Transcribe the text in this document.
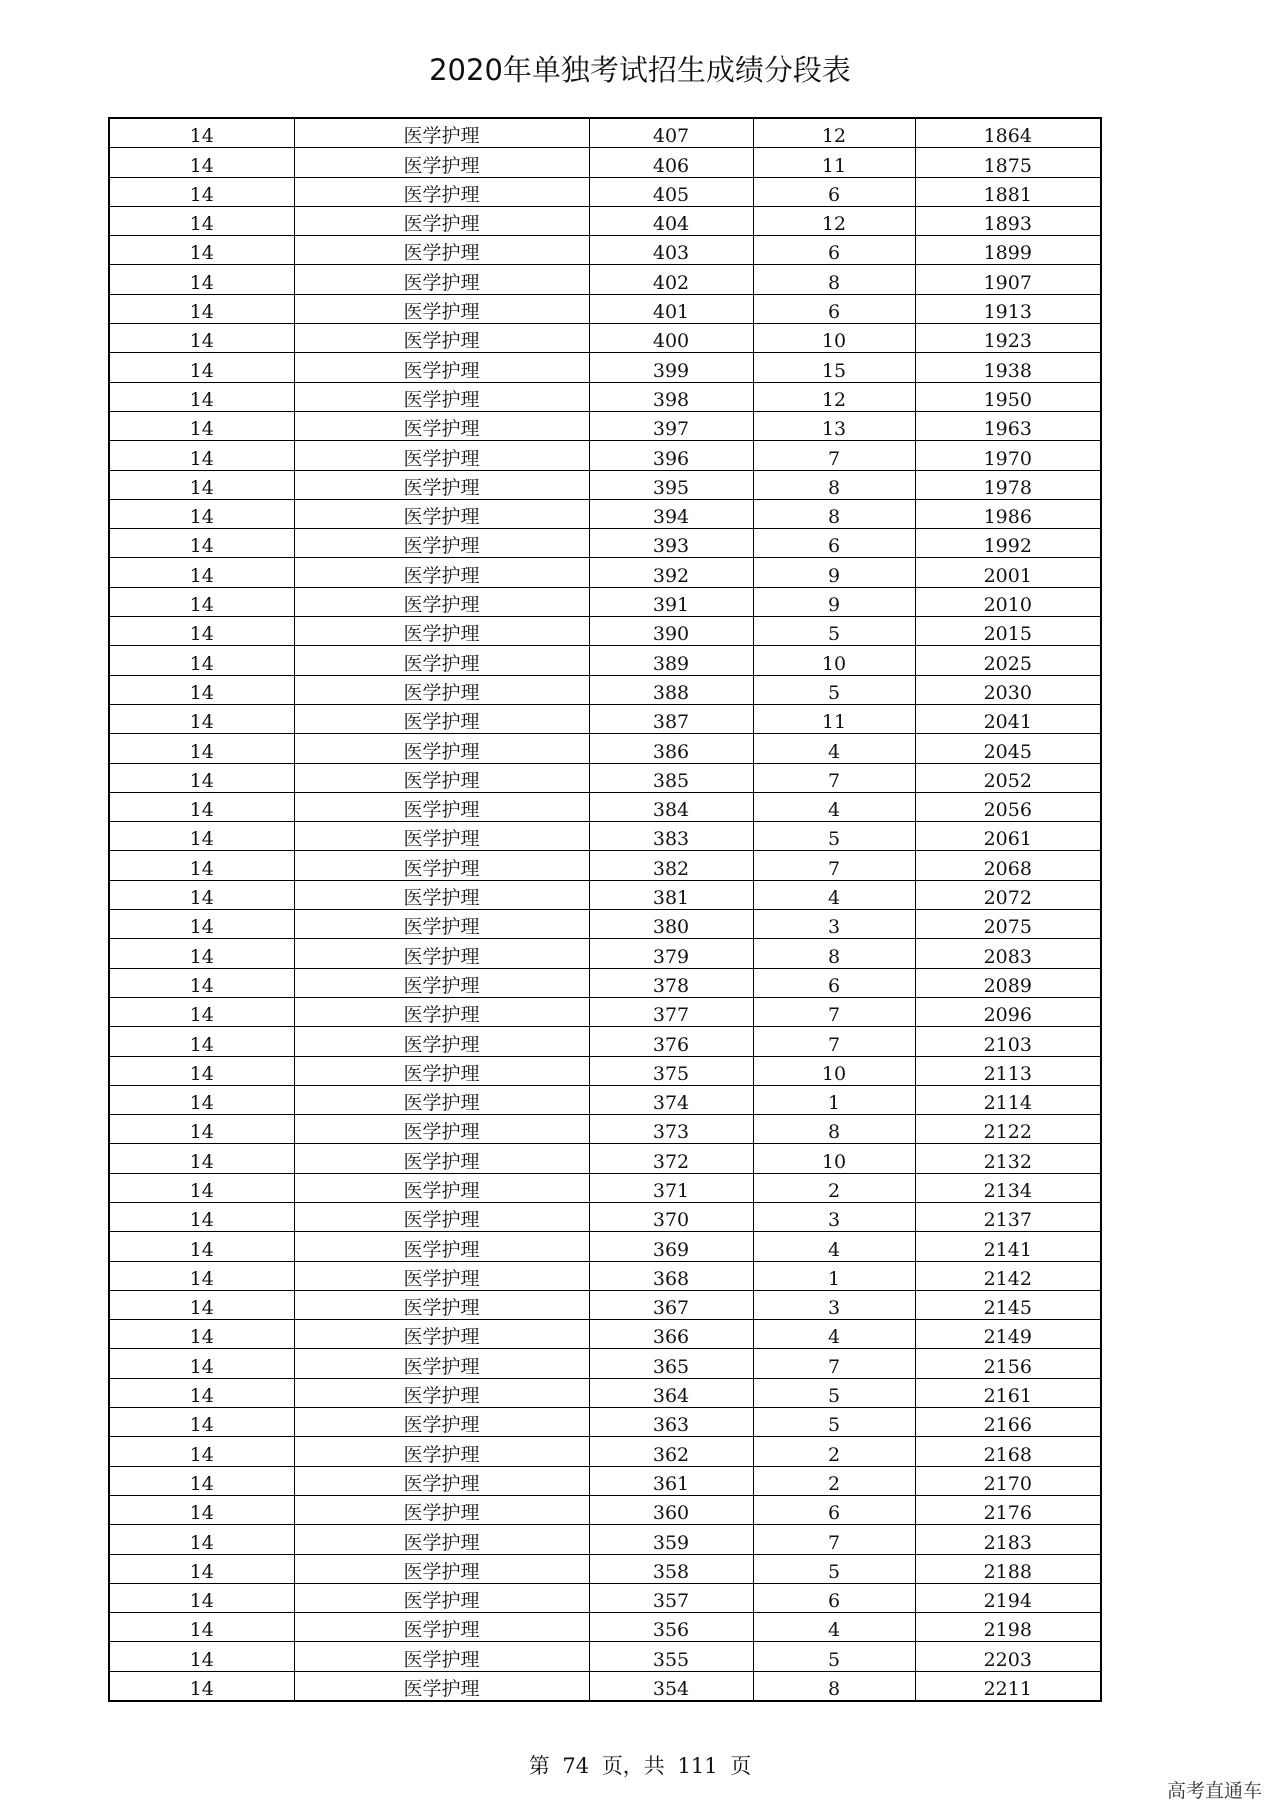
2020年单独考试招生成绩分段表
14	医学护理	407	12	1864
14	医学护理	406	11	1875
14	医学护理	405	6	1881
14	医学护理	404	12	1893
14	医学护理	403	6	1899
14	医学护理	402	8	1907
14	医学护理	401	6	1913
14	医学护理	400	10	1923
14	医学护理	399	15	1938
14	医学护理	398	12	1950
14	医学护理	397	13	1963
14	医学护理	396	7	1970
14	医学护理	395	8	1978
14	医学护理	394	8	1986
14	医学护理	393	6	1992
14	医学护理	392	9	2001
14	医学护理	391	9	2010
14	医学护理	390	5	2015
14	医学护理	389	10	2025
14	医学护理	388	5	2030
14	医学护理	387	11	2041
14	医学护理	386	4	2045
14	医学护理	385	7	2052
14	医学护理	384	4	2056
14	医学护理	383	5	2061
14	医学护理	382	7	2068
14	医学护理	381	4	2072
14	医学护理	380	3	2075
14	医学护理	379	8	2083
14	医学护理	378	6	2089
14	医学护理	377	7	2096
14	医学护理	376	7	2103
14	医学护理	375	10	2113
14	医学护理	374	1	2114
14	医学护理	373	8	2122
14	医学护理	372	10	2132
14	医学护理	371	2	2134
14	医学护理	370	3	2137
14	医学护理	369	4	2141
14	医学护理	368	1	2142
14	医学护理	367	3	2145
14	医学护理	366	4	2149
14	医学护理	365	7	2156
14	医学护理	364	5	2161
14	医学护理	363	5	2166
14	医学护理	362	2	2168
14	医学护理	361	2	2170
14	医学护理	360	6	2176
14	医学护理	359	7	2183
14	医学护理	358	5	2188
14	医学护理	357	6	2194
14	医学护理	356	4	2198
14	医学护理	355	5	2203
14	医学护理	354	8	2211
第 74 页，共 111 页
高考直通车
